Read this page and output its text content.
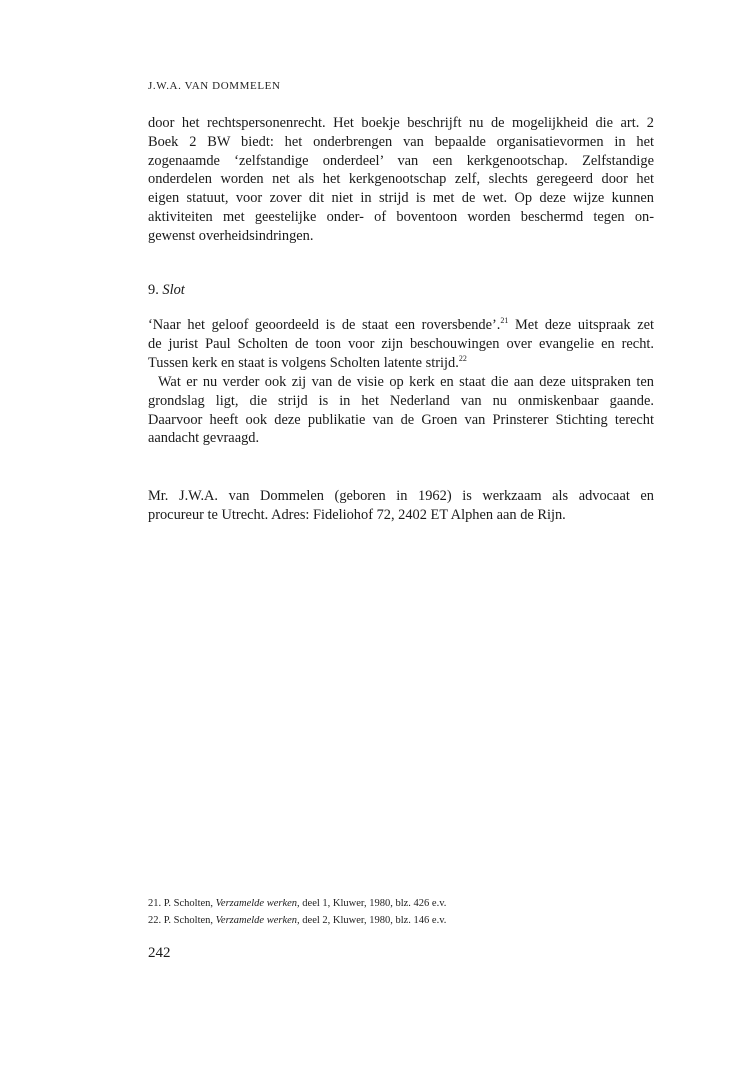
J.W.A. VAN DOMMELEN
door het rechtspersonenrecht. Het boekje beschrijft nu de mogelijkheid die art. 2
Boek 2 BW biedt: het onderbrengen van bepaalde organisatievormen in het
zogenaamde ‘zelfstandige onderdeel’ van een kerkgenootschap. Zelfstandige
onderdelen worden net als het kerkgenootschap zelf, slechts geregeerd door het
eigen statuut, voor zover dit niet in strijd is met de wet. Op deze wijze kunnen
aktiviteiten met geestelijke onder- of boventoon worden beschermd tegen on-
gewenst overheidsindringen.
9. Slot
‘Naar het geloof geoordeeld is de staat een roversbende’.$^{21}$ Met deze uitspraak zet
de jurist Paul Scholten de toon voor zijn beschouwingen over evangelie en recht.
Tussen kerk en staat is volgens Scholten latente strijd.$^{22}$
Wat er nu verder ook zij van de visie op kerk en staat die aan deze uitspraken ten
grondslag ligt, die strijd is in het Nederland van nu onmiskenbaar gaande.
Daarvoor heeft ook deze publikatie van de Groen van Prinsterer Stichting terecht
aandacht gevraagd.
Mr. J.W.A. van Dommelen (geboren in 1962) is werkzaam als advocaat en
procureur te Utrecht. Adres: Fideliohof 72, 2402 ET Alphen aan de Rijn.
21. P. Scholten, Verzamelde werken, deel 1, Kluwer, 1980, blz. 426 e.v.
22. P. Scholten, Verzamelde werken, deel 2, Kluwer, 1980, blz. 146 e.v.
242
